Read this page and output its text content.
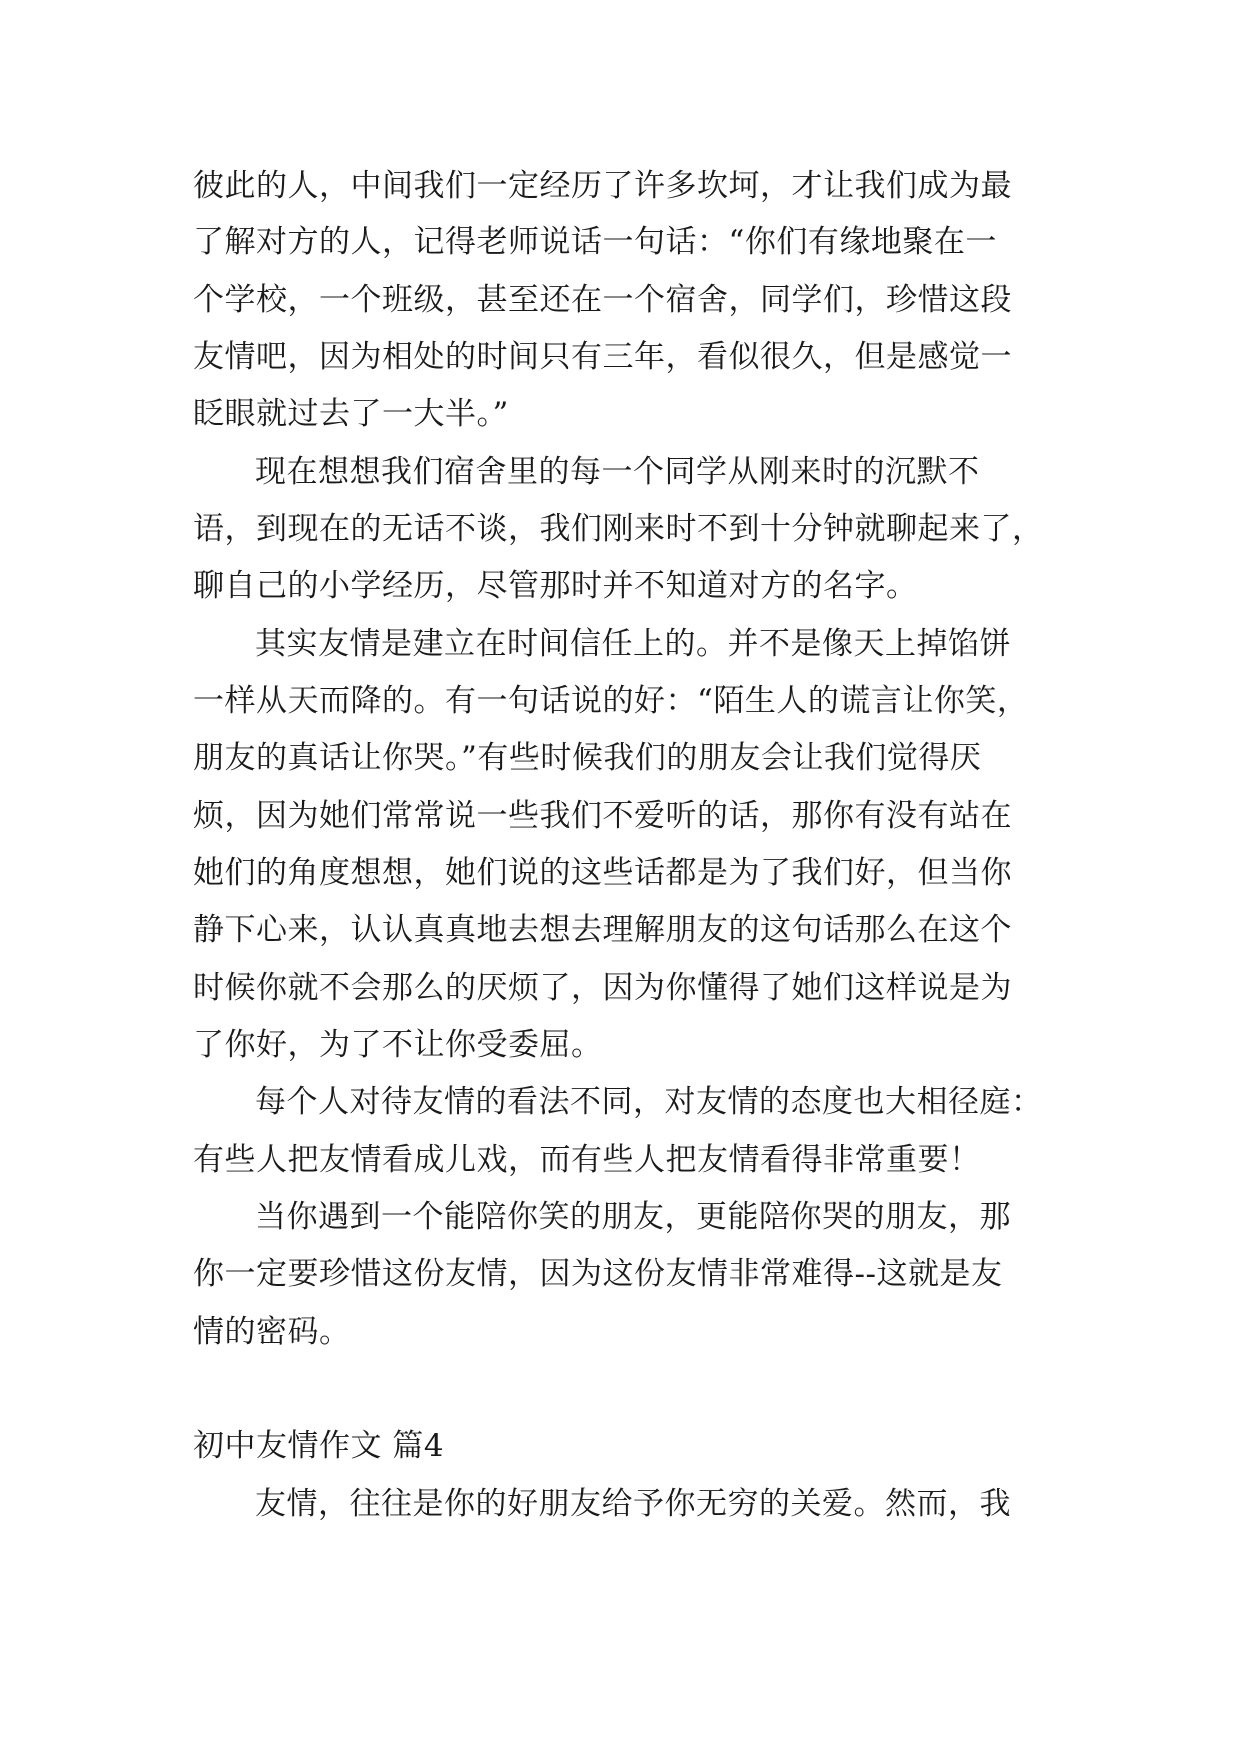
彼此的人，中间我们一定经历了许多坎坷，才让我们成为最
了解对方的人，记得老师说话一句话：“你们有缘地聚在一
个学校，一个班级，甚至还在一个宿舍，同学们，珍惜这段
友情吧，因为相处的时间只有三年，看似很久，但是感觉一
眨眼就过去了一大半。”
现在想想我们宿舍里的每一个同学从刚来时的沉默不
语，到现在的无话不谈，我们刚来时不到十分钟就聊起来了，
聊自己的小学经历，尽管那时并不知道对方的名字。
其实友情是建立在时间信任上的。并不是像天上掉馅饼
一样从天而降的。有一句话说的好：“陌生人的谎言让你笑，
朋友的真话让你哭。”有些时候我们的朋友会让我们觉得厌
烦，因为她们常常说一些我们不爱听的话，那你有没有站在
她们的角度想想，她们说的这些话都是为了我们好，但当你
静下心来，认认真真地去想去理解朋友的这句话那么在这个
时候你就不会那么的厌烦了，因为你懂得了她们这样说是为
了你好，为了不让你受委屈。
每个人对待友情的看法不同，对友情的态度也大相径庭：
有些人把友情看成儿戏，而有些人把友情看得非常重要！
当你遇到一个能陪你笑的朋友，更能陪你哭的朋友，那
你一定要珍惜这份友情，因为这份友情非常难得--这就是友
情的密码。
初中友情作文 篇4
友情，往往是你的好朋友给予你无穷的关爱。然而，我
